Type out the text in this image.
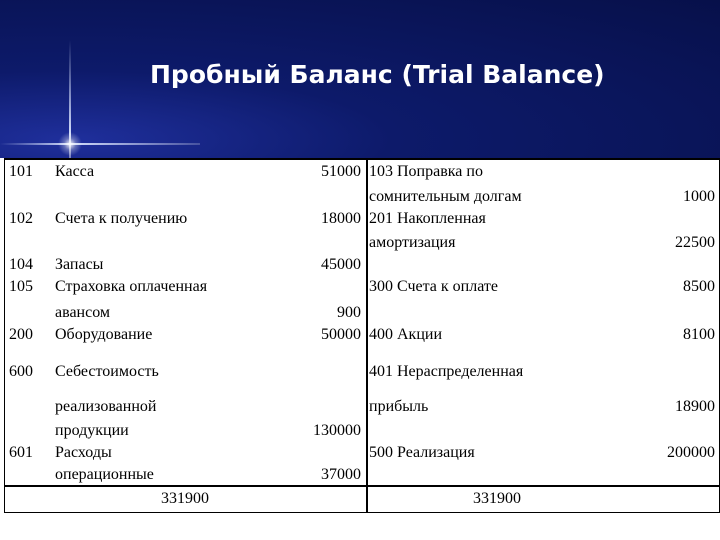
Пробный Баланс (Trial Balance)
101 Касса	51000
102 Счета к получению	18000
104 Запасы	45000
105 Страховка оплаченная
авансом	900
200 Оборудование	50000
600 Себестоимость
реализованной
продукции	130000
601 Расходы
операционные	37000
103 Поправка по
сомнительным долгам	1000
201 Накопленная
амортизация	22500
300 Счета к оплате	8500
400 Акции	8100
401 Нераспределенная
прибыль	18900
500 Реализация	200000
331900	331900
